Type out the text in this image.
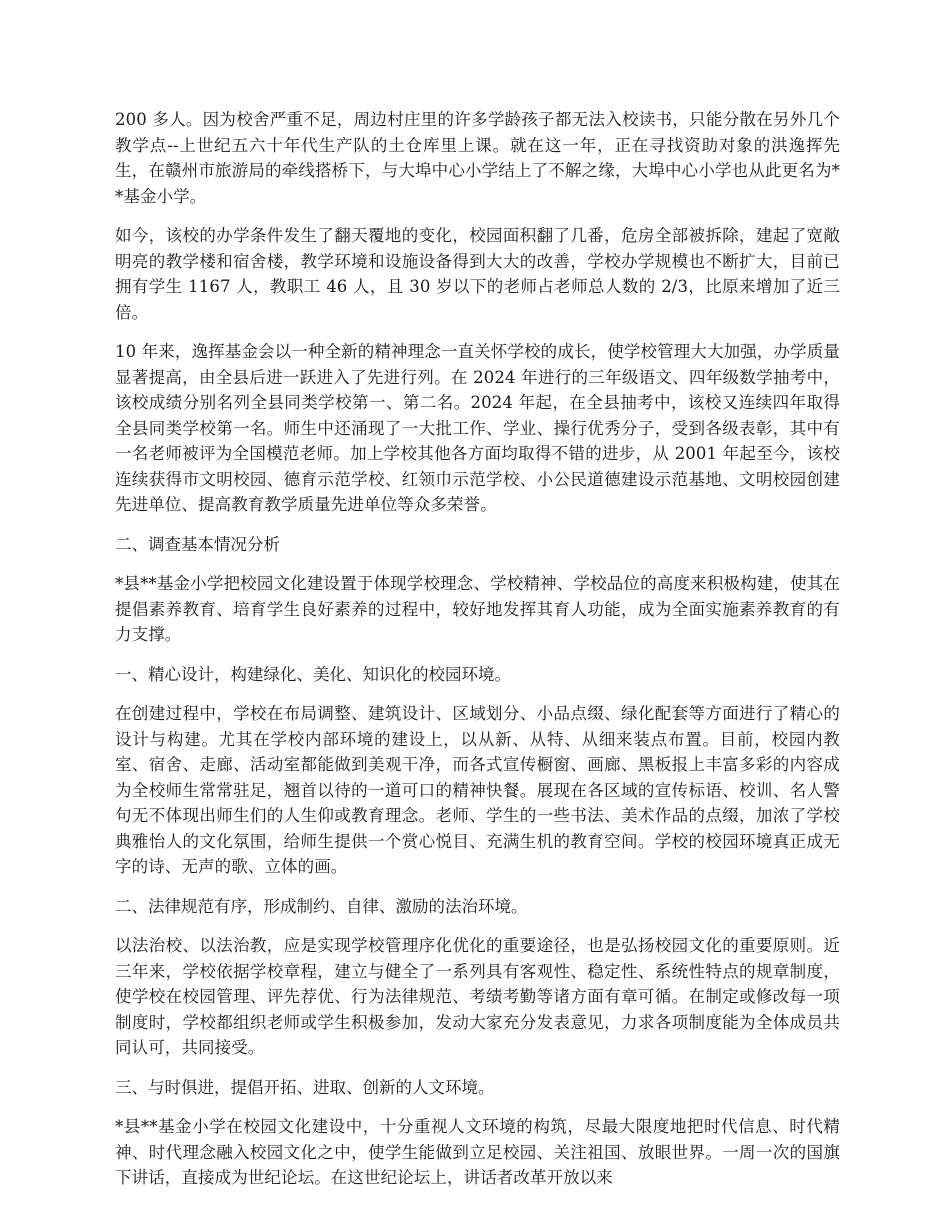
200 多人。因为校舍严重不足，周边村庄里的许多学龄孩子都无法入校读书，只能分散在另外几个教学点--上世纪五六十年代生产队的土仓库里上课。就在这一年，正在寻找资助对象的洪逸挥先生，在赣州市旅游局的牵线搭桥下，与大埠中心小学结上了不解之缘，大埠中心小学也从此更名为**基金小学。

如今，该校的办学条件发生了翻天覆地的变化，校园面积翻了几番，危房全部被拆除，建起了宽敞明亮的教学楼和宿舍楼，教学环境和设施设备得到大大的改善，学校办学规模也不断扩大，目前已拥有学生 1167 人，教职工 46 人，且 30 岁以下的老师占老师总人数的 2/3，比原来增加了近三倍。

10 年来，逸挥基金会以一种全新的精神理念一直关怀学校的成长，使学校管理大大加强，办学质量显著提高，由全县后进一跃进入了先进行列。在 2024 年进行的三年级语文、四年级数学抽考中，该校成绩分别名列全县同类学校第一、第二名。2024 年起，在全县抽考中，该校又连续四年取得全县同类学校第一名。师生中还涌现了一大批工作、学业、操行优秀分子，受到各级表彰，其中有一名老师被评为全国模范老师。加上学校其他各方面均取得不错的进步，从 2001 年起至今，该校连续获得市文明校园、德育示范学校、红领巾示范学校、小公民道德建设示范基地、文明校园创建先进单位、提高教育教学质量先进单位等众多荣誉。

二、调查基本情况分析

*县**基金小学把校园文化建设置于体现学校理念、学校精神、学校品位的高度来积极构建，使其在提倡素养教育、培育学生良好素养的过程中，较好地发挥其育人功能，成为全面实施素养教育的有力支撑。

一、精心设计，构建绿化、美化、知识化的校园环境。

在创建过程中，学校在布局调整、建筑设计、区域划分、小品点缀、绿化配套等方面进行了精心的设计与构建。尤其在学校内部环境的建设上，以从新、从特、从细来装点布置。目前，校园内教室、宿舍、走廊、活动室都能做到美观干净，而各式宣传橱窗、画廊、黑板报上丰富多彩的内容成为全校师生常常驻足，翘首以待的一道可口的精神快餐。展现在各区域的宣传标语、校训、名人警句无不体现出师生们的人生仰或教育理念。老师、学生的一些书法、美术作品的点缀，加浓了学校典雅怡人的文化氛围，给师生提供一个赏心悦目、充满生机的教育空间。学校的校园环境真正成无字的诗、无声的歌、立体的画。

二、法律规范有序，形成制约、自律、激励的法治环境。

以法治校、以法治教，应是实现学校管理序化优化的重要途径，也是弘扬校园文化的重要原则。近三年来，学校依据学校章程，建立与健全了一系列具有客观性、稳定性、系统性特点的规章制度，使学校在校园管理、评先荐优、行为法律规范、考绩考勤等诸方面有章可循。在制定或修改每一项制度时，学校都组织老师或学生积极参加，发动大家充分发表意见，力求各项制度能为全体成员共同认可，共同接受。

三、与时俱进，提倡开拓、进取、创新的人文环境。

*县**基金小学在校园文化建设中，十分重视人文环境的构筑，尽最大限度地把时代信息、时代精神、时代理念融入校园文化之中，使学生能做到立足校园、关注祖国、放眼世界。一周一次的国旗下讲话，直接成为世纪论坛。在这世纪论坛上，讲话者改革开放以来
